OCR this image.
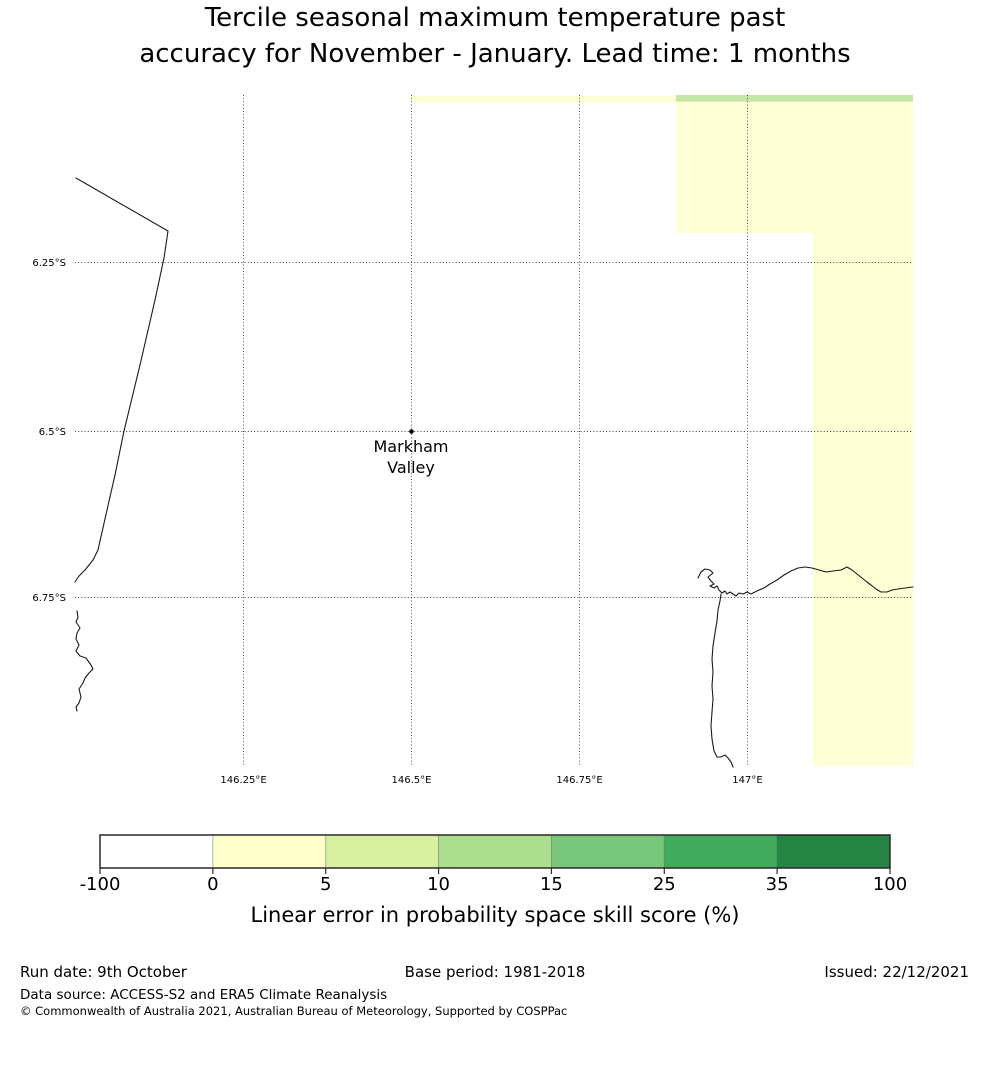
Tercile seasonal maximum temperature past
accuracy for November - January. Lead time: 1 months
Markham
Valley
6.25°S
6.5°S
6.75°S
146.25°E	146.5°E	146.75°E	147°E
-100	0	5	10	15	25	35	100
Linear error in probability space skill score (%)
Run date: 9th October	Base period: 1981-2018	Issued: 22/12/2021
Data source: ACCESS-S2 and ERA5 Climate Reanalysis
© Commonwealth of Australia 2021, Australian Bureau of Meteorology, Supported by COSPPac
